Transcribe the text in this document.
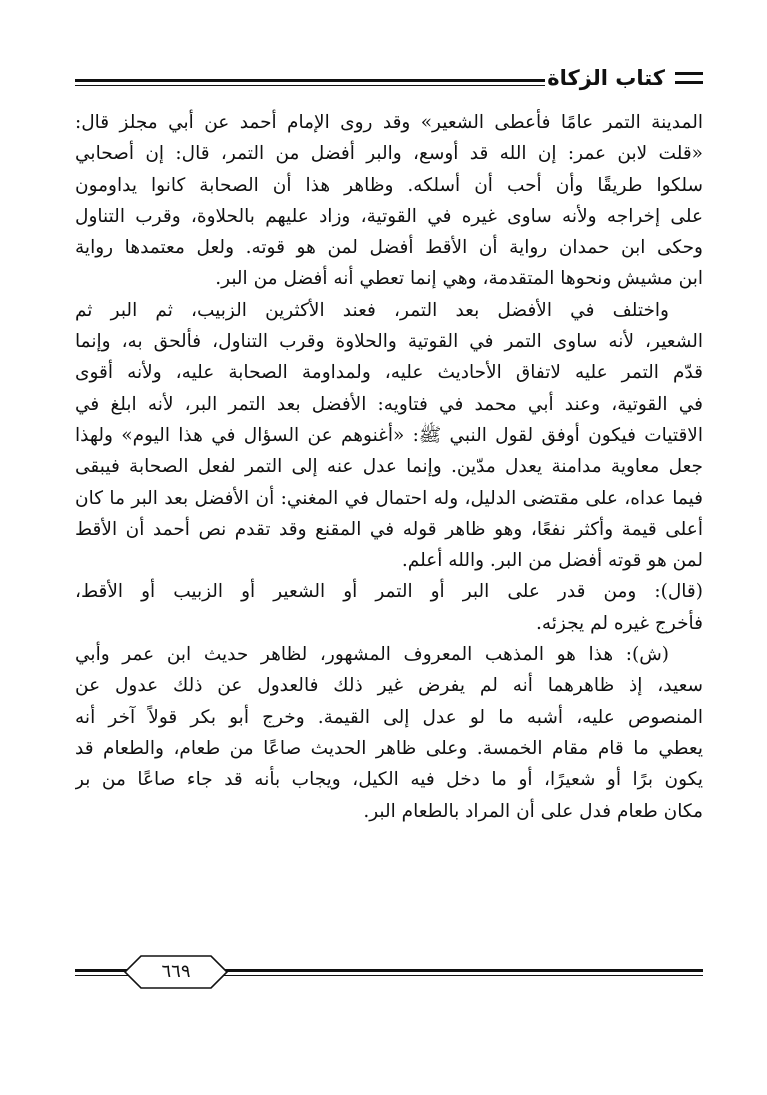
كتاب الزكاة
المدينة التمر عامًا فأعطى الشعير» وقد روى الإمام أحمد عن أبي مجلز قال:
«قلت لابن عمر: إن الله قد أوسع، والبر أفضل من التمر، قال: إن أصحابي
سلكوا طريقًا وأن أحب أن أسلكه. وظاهر هذا أن الصحابة كانوا يداومون
على إخراجه ولأنه ساوى غيره في القوتية، وزاد عليهم بالحلاوة، وقرب التناول
وحكى ابن حمدان رواية أن الأقط أفضل لمن هو قوته. ولعل معتمدها رواية
ابن مشيش ونحوها المتقدمة، وهي إنما تعطي أنه أفضل من البر.
واختلف في الأفضل بعد التمر، فعند الأكثرين الزبيب، ثم البر ثم
الشعير، لأنه ساوى التمر في القوتية والحلاوة وقرب التناول، فألحق به، وإنما
قدّم التمر عليه لاتفاق الأحاديث عليه، ولمداومة الصحابة عليه، ولأنه أقوى
في القوتية، وعند أبي محمد في فتاويه: الأفضل بعد التمر البر، لأنه ابلغ في
الاقتيات فيكون أوفق لقول النبي ﷺ: «أغنوهم عن السؤال في هذا اليوم» ولهذا
جعل معاوية مدامنة يعدل مدّين. وإنما عدل عنه إلى التمر لفعل الصحابة فيبقى
فيما عداه، على مقتضى الدليل، وله احتمال في المغني: أن الأفضل بعد البر ما كان
أعلى قيمة وأكثر نفعًا، وهو ظاهر قوله في المقنع وقد تقدم نص أحمد أن الأقط
لمن هو قوته أفضل من البر. والله أعلم.
(قال): ومن قدر على البر أو التمر أو الشعير أو الزبيب أو الأقط،
فأخرج غيره لم يجزئه.
(ش): هذا هو المذهب المعروف المشهور، لظاهر حديث ابن عمر وأبي
سعيد، إذ ظاهرهما أنه لم يفرض غير ذلك فالعدول عن ذلك عدول عن
المنصوص عليه، أشبه ما لو عدل إلى القيمة. وخرج أبو بكر قولاً آخر أنه
يعطي ما قام مقام الخمسة. وعلى ظاهر الحديث صاعًا من طعام، والطعام قد
يكون برًا أو شعيرًا، أو ما دخل فيه الكيل، ويجاب بأنه قد جاء صاعًا من بر
مكان طعام فدل على أن المراد بالطعام البر.
٦٦٩
